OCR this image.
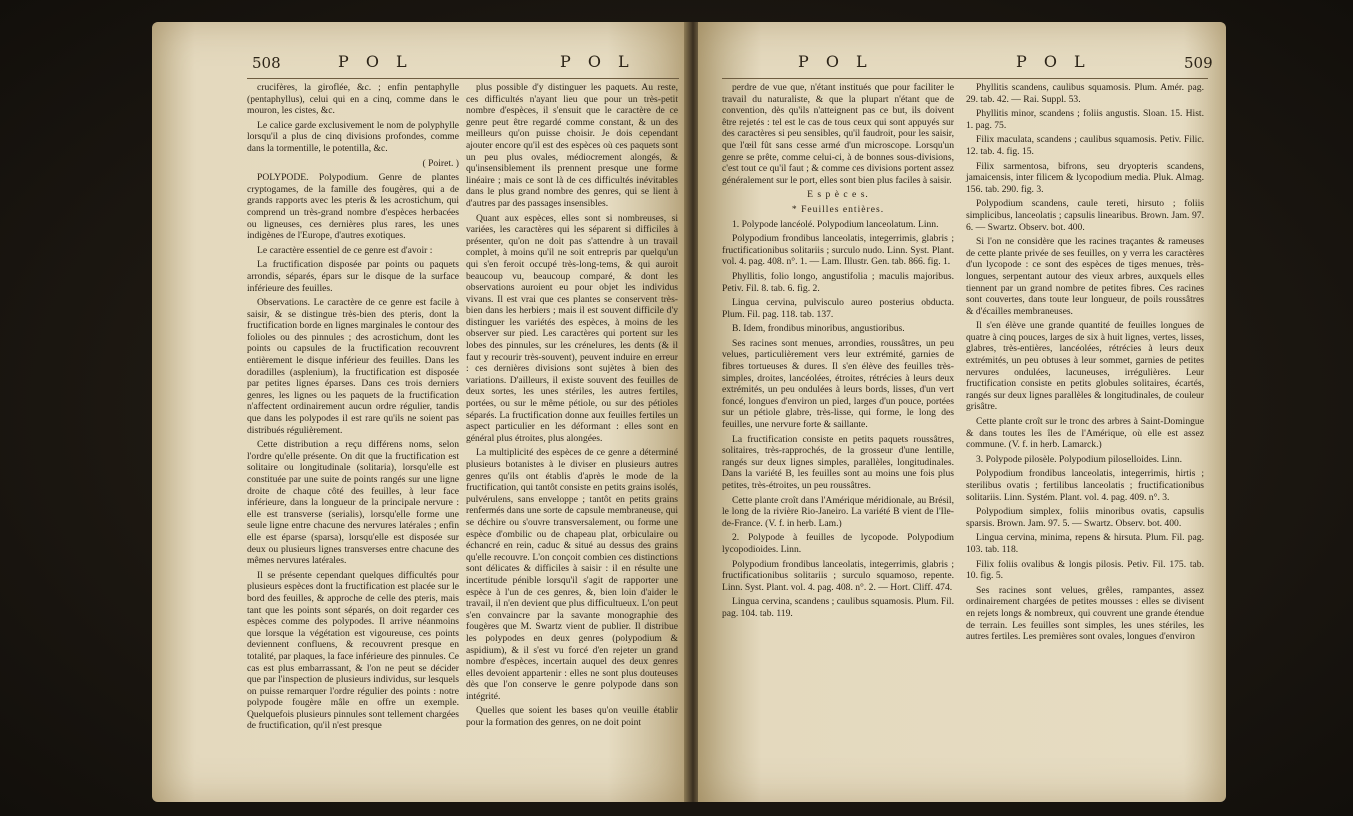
508	P O L	P O L

crucifères, la giroflée, &c. ; enfin pentaphylle (pentaphyllus), celui qui en a cinq, comme dans le mouron, les cistes, &c.

Le calice garde exclusivement le nom de polyphylle lorsqu'il a plus de cinq divisions profondes, comme dans la tormentille, le potentilla, &c.

( Poiret. )

POLYPODE. Polypodium. Genre de plantes cryptogames, de la famille des fougères, qui a de grands rapports avec les pteris & les acrostichum, qui comprend un très-grand nombre d'espèces herbacées ou ligneuses, ces dernières plus rares, les unes indigènes de l'Europe, d'autres exotiques.

Le caractère essentiel de ce genre est d'avoir :

La fructification disposée par points ou paquets arrondis, séparés, épars sur le disque de la surface inférieure des feuilles.

Observations. Le caractère de ce genre est facile à saisir, & se distingue très-bien des pteris, dont la fructification borde en lignes marginales le contour des folioles ou des pinnules ; des acrostichum, dont les points ou capsules de la fructification recouvrent entièrement le disque inférieur des feuilles. Dans les doradilles (asplenium), la fructification est disposée par petites lignes éparses. Dans ces trois derniers genres, les lignes ou les paquets de la fructification n'affectent ordinairement aucun ordre régulier, tandis que dans les polypodes il est rare qu'ils ne soient pas distribués régulièrement.

Cette distribution a reçu différens noms, selon l'ordre qu'elle présente. On dit que la fructification est solitaire ou longitudinale (solitaria), lorsqu'elle est constituée par une suite de points rangés sur une ligne droite de chaque côté des feuilles, à leur face inférieure, dans la longueur de la principale nervure : elle est transverse (serialis), lorsqu'elle forme une seule ligne entre chacune des nervures latérales ; enfin elle est éparse (sparsa), lorsqu'elle est disposée sur deux ou plusieurs lignes transverses entre chacune des mêmes nervures latérales.

Il se présente cependant quelques difficultés pour plusieurs espèces dont la fructification est placée sur le bord des feuilles, & approche de celle des pteris, mais tant que les points sont séparés, on doit regarder ces espèces comme des polypodes. Il arrive néanmoins que lorsque la végétation est vigoureuse, ces points deviennent confluens, & recouvrent presque en totalité, par plaques, la face inférieure des pinnules. Ce cas est plus embarrassant, & l'on ne peut se décider que par l'inspection de plusieurs individus, sur lesquels on puisse remarquer l'ordre régulier des points : notre polypode fougère mâle en offre un exemple. Quelquefois plusieurs pinnules sont tellement chargées de fructification, qu'il n'est presque

plus possible d'y distinguer les paquets. Au reste, ces difficultés n'ayant lieu que pour un très-petit nombre d'espèces, il s'ensuit que le caractère de ce genre peut être regardé comme constant, & un des meilleurs qu'on puisse choisir. Je dois cependant ajouter encore qu'il est des espèces où ces paquets sont un peu plus ovales, médiocrement alongés, & qu'insensiblement ils prennent presque une forme linéaire ; mais ce sont là de ces difficultés inévitables dans le plus grand nombre des genres, qui se lient à d'autres par des passages insensibles.

Quant aux espèces, elles sont si nombreuses, si variées, les caractères qui les séparent si difficiles à présenter, qu'on ne doit pas s'attendre à un travail complet, à moins qu'il ne soit entrepris par quelqu'un qui s'en feroit occupé très-long-tems, & qui auroit beaucoup vu, beaucoup comparé, & dont les observations auroient eu pour objet les individus vivans. Il est vrai que ces plantes se conservent très-bien dans les herbiers ; mais il est souvent difficile d'y distinguer les variétés des espèces, à moins de les observer sur pied. Les caractères qui portent sur les lobes des pinnules, sur les crénelures, les dents (& il faut y recourir très-souvent), peuvent induire en erreur : ces dernières divisions sont sujètes à bien des variations. D'ailleurs, il existe souvent des feuilles de deux sortes, les unes stériles, les autres fertiles, portées, ou sur le même pétiole, ou sur des pétioles séparés. La fructification donne aux feuilles fertiles un aspect particulier en les déformant : elles sont en général plus étroites, plus alongées.

La multiplicité des espèces de ce genre a déterminé plusieurs botanistes à le diviser en plusieurs autres genres qu'ils ont établis d'après le mode de la fructification, qui tantôt consiste en petits grains isolés, pulvérulens, sans enveloppe ; tantôt en petits grains renfermés dans une sorte de capsule membraneuse, qui se déchire ou s'ouvre transversalement, ou forme une espèce d'ombilic ou de chapeau plat, orbiculaire ou échancré en rein, caduc & situé au dessus des grains qu'elle recouvre. L'on conçoit combien ces distinctions sont délicates & difficiles à saisir : il en résulte une incertitude pénible lorsqu'il s'agit de rapporter une espèce à l'un de ces genres, &, bien loin d'aider le travail, il n'en devient que plus difficultueux. L'on peut s'en convaincre par la savante monographie des fougères que M. Swartz vient de publier. Il distribue les polypodes en deux genres (polypodium & aspidium), & il s'est vu forcé d'en rejeter un grand nombre d'espèces, incertain auquel des deux genres elles devoient appartenir : elles ne sont plus douteuses dès que l'on conserve le genre polypode dans son intégrité.

Quelles que soient les bases qu'on veuille établir pour la formation des genres, on ne doit point

P O L	P O L	509

perdre de vue que, n'étant institués que pour faciliter le travail du naturaliste, & que la plupart n'étant que de convention, dès qu'ils n'atteignent pas ce but, ils doivent être rejetés : tel est le cas de tous ceux qui sont appuyés sur des caractères si peu sensibles, qu'il faudroit, pour les saisir, que l'œil fût sans cesse armé d'un microscope. Lorsqu'un genre se prête, comme celui-ci, à de bonnes sous-divisions, c'est tout ce qu'il faut ; & comme ces divisions portent assez généralement sur le port, elles sont bien plus faciles à saisir.

E s p è c e s.

* Feuilles entières.

1. Polypode lancéolé. Polypodium lanceolatum. Linn.

Polypodium frondibus lanceolatis, integerrimis, glabris ; fructificationibus solitariis ; surculo nudo. Linn. Syst. Plant. vol. 4. pag. 408. n°. 1. — Lam. Illustr. Gen. tab. 866. fig. 1.

Phyllitis, folio longo, angustifolia ; maculis majoribus. Petiv. Fil. 8. tab. 6. fig. 2.

Lingua cervina, pulvisculo aureo posterius obducta. Plum. Fil. pag. 118. tab. 137.

B. Idem, frondibus minoribus, angustioribus.

Ses racines sont menues, arrondies, roussâtres, un peu velues, particulièrement vers leur extrémité, garnies de fibres tortueuses & dures. Il s'en élève des feuilles très-simples, droites, lancéolées, étroites, rétrécies à leurs deux extrémités, un peu ondulées à leurs bords, lisses, d'un vert foncé, longues d'environ un pied, larges d'un pouce, portées sur un pétiole glabre, très-lisse, qui forme, le long des feuilles, une nervure forte & saillante.

La fructification consiste en petits paquets roussâtres, solitaires, très-rapprochés, de la grosseur d'une lentille, rangés sur deux lignes simples, parallèles, longitudinales. Dans la variété B, les feuilles sont au moins une fois plus petites, très-étroites, un peu roussâtres.

Cette plante croît dans l'Amérique méridionale, au Brésil, le long de la rivière Rio-Janeiro. La variété B vient de l'Ile-de-France. (V. f. in herb. Lam.)

2. Polypode à feuilles de lycopode. Polypodium lycopodioides. Linn.

Polypodium frondibus lanceolatis, integerrimis, glabris ; fructificationibus solitariis ; surculo squamoso, repente. Linn. Syst. Plant. vol. 4. pag. 408. n°. 2. — Hort. Cliff. 474.

Lingua cervina, scandens ; caulibus squamosis. Plum. Fil. pag. 104. tab. 119.

Phyllitis scandens, caulibus squamosis. Plum. Amér. pag. 29. tab. 42. — Rai. Suppl. 53.

Phyllitis minor, scandens ; foliis angustis. Sloan. 15. Hist. 1. pag. 75.

Filix maculata, scandens ; caulibus squamosis. Petiv. Filic. 12. tab. 4. fig. 15.

Filix sarmentosa, bifrons, seu dryopteris scandens, jamaicensis, inter filicem & lycopodium media. Pluk. Almag. 156. tab. 290. fig. 3.

Polypodium scandens, caule tereti, hirsuto ; foliis simplicibus, lanceolatis ; capsulis linearibus. Brown. Jam. 97. 6. — Swartz. Observ. bot. 400.

Si l'on ne considère que les racines traçantes & rameuses de cette plante privée de ses feuilles, on y verra les caractères d'un lycopode : ce sont des espèces de tiges menues, très-longues, serpentant autour des vieux arbres, auxquels elles tiennent par un grand nombre de petites fibres. Ces racines sont couvertes, dans toute leur longueur, de poils roussâtres & d'écailles membraneuses.

Il s'en élève une grande quantité de feuilles longues de quatre à cinq pouces, larges de six à huit lignes, vertes, lisses, glabres, très-entières, lancéolées, rétrécies à leurs deux extrémités, un peu obtuses à leur sommet, garnies de petites nervures ondulées, lacuneuses, irrégulières. Leur fructification consiste en petits globules solitaires, écartés, rangés sur deux lignes parallèles & longitudinales, de couleur grisâtre.

Cette plante croît sur le tronc des arbres à Saint-Domingue & dans toutes les îles de l'Amérique, où elle est assez commune. (V. f. in herb. Lamarck.)

3. Polypode pilosèle. Polypodium piloselloides. Linn.

Polypodium frondibus lanceolatis, integerrimis, hirtis ; sterilibus ovatis ; fertilibus lanceolatis ; fructificationibus solitariis. Linn. Systém. Plant. vol. 4. pag. 409. n°. 3.

Polypodium simplex, foliis minoribus ovatis, capsulis sparsis. Brown. Jam. 97. 5. — Swartz. Observ. bot. 400.

Lingua cervina, minima, repens & hirsuta. Plum. Fil. pag. 103. tab. 118.

Filix foliis ovalibus & longis pilosis. Petiv. Fil. 175. tab. 10. fig. 5.

Ses racines sont velues, grêles, rampantes, assez ordinairement chargées de petites mousses : elles se divisent en rejets longs & nombreux, qui couvrent une grande étendue de terrain. Les feuilles sont simples, les unes stériles, les autres fertiles. Les premières sont ovales, longues d'environ
